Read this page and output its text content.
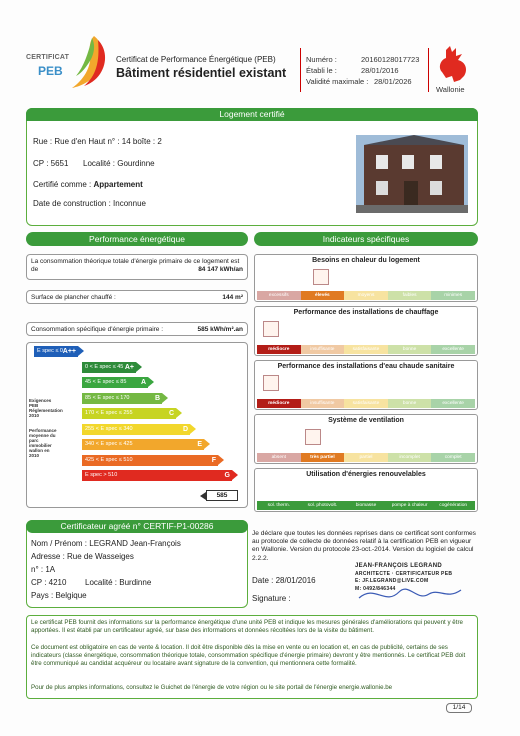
CERTIFICAT
PEB
Certificat de Performance Énergétique (PEB)
Bâtiment résidentiel existant
Numéro :	20160128017723
Établi le :	28/01/2016
Validité maximale : 28/01/2026
Wallonie
Logement certifié
Rue : Rue d'en Haut n° : 14 boîte : 2
CP : 5651 Localité : Gourdinne
Certifié comme : Appartement
Date de construction : Inconnue
Performance énergétique
La consommation théorique totale d'énergie primaire de ce logement est de	84 147 kWh/an
Surface de plancher chauffé :	144 m²
Consommation spécifique d'énergie primaire :	585 kWh/m².an
E spec ≤ 0 A++
0 < E spec ≤ 45 A+
45 < E spec ≤ 85 A
85 < E spec ≤ 170	B
170 < E spec ≤ 255	C
255 < E spec ≤ 340	D
340 < E spec ≤ 425	E
425 < E spec ≤ 510	F
E spec > 510	G
Exigences PEB Réglementation 2010
Performance moyenne du parc immobilier wallon en 2010
585
Indicateurs spécifiques
Besoins en chaleur du logement
excessifs	élevés	moyens	faibles	minimes
Performance des installations de chauffage
médiocre	insuffisante	satisfaisante	bonne	excellente
Performance des installations d'eau chaude sanitaire
médiocre	insuffisante	satisfaisante	bonne	excellente
Système de ventilation
absent	très partiel	partiel	incomplet	complet
Utilisation d'énergies renouvelables
sol. therm.	sol. photovolt.	biomasse	pompe à chaleur	cogénération
Certificateur agréé n° CERTIF-P1-00286
Nom / Prénom : LEGRAND Jean-François
Adresse : Rue de Wasseiges
n° : 1A
CP : 4210 Localité : Burdinne
Pays : Belgique
Je déclare que toutes les données reprises dans ce certificat sont conformes au protocole de collecte de données relatif à la certification PEB en vigueur en Wallonie. Version du protocole 23-oct.-2014. Version du logiciel de calcul 2.2.2.
Date : 28/01/2016
Signature :
JEAN-FRANÇOIS LEGRAND
ARCHITECTE · CERTIFICATEUR PEB
E: JF.LEGRAND@LIVE.COM
M: 0492/846344

Le certificat PEB fournit des informations sur la performance énergétique d'une unité PEB et indique les mesures générales d'améliorations qui peuvent y être apportées. Il est établi par un certificateur agréé, sur base des informations et données récoltées lors de la visite du bâtiment.

Ce document est obligatoire en cas de vente & location. Il doit être disponible dès la mise en vente ou en location et, en cas de publicité, certains de ses indicateurs (classe énergétique, consommation théorique totale, consommation spécifique d'énergie primaire) devront y être mentionnés. Le certificat PEB doit être communiqué au candidat acquéreur ou locataire avant signature de la convention, qui mentionnera cette formalité.

Pour de plus amples informations, consultez le Guichet de l'énergie de votre région ou le site portail de l'énergie energie.wallonie.be

1/14
